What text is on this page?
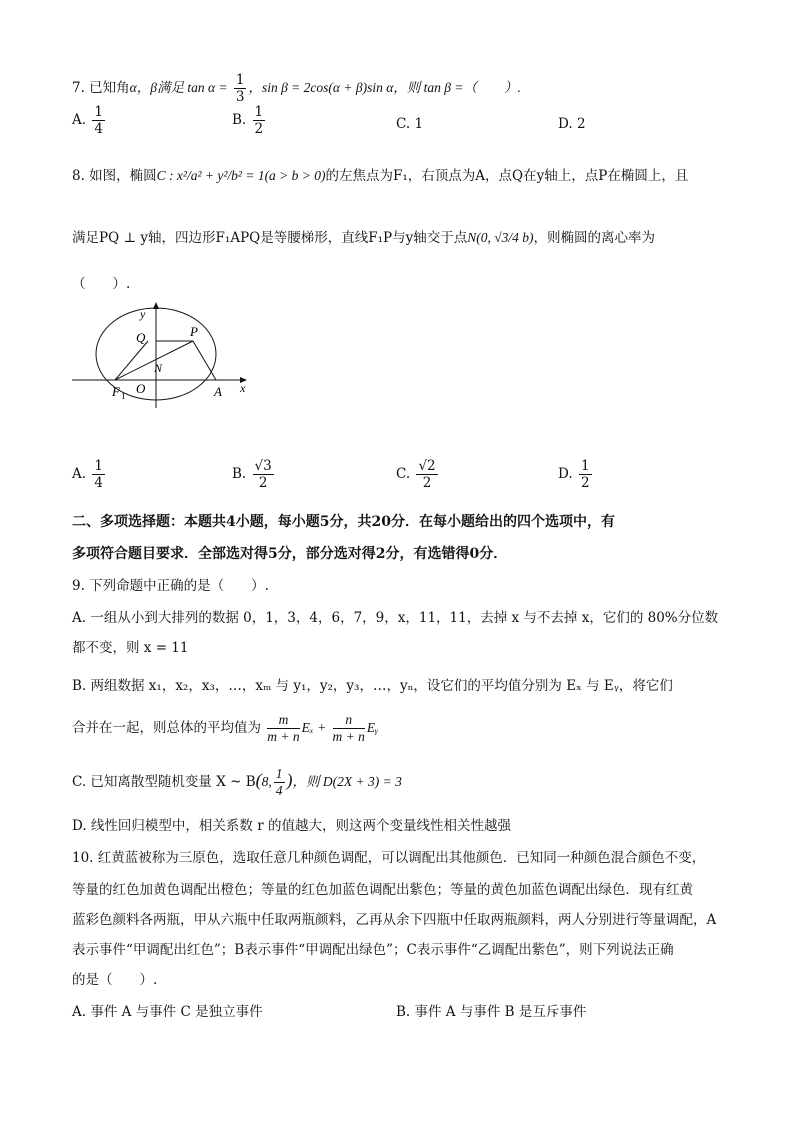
7. 已知角α，β满足 $\tan \alpha = \frac{1}{3}$ ，sin β = 2cos(α + β)sin α，则 tan β =（　　）.
A. $\frac{1}{4}$	B. $\frac{1}{2}$	C. 1	D. 2
8. 如图，椭圆C : x²/a² + y²/b² = 1(a > b > 0)的左焦点为F₁，右顶点为A，点Q在y轴上，点P在椭圆上，且
满足PQ ⊥ y轴，四边形F₁APQ是等腰梯形，直线F₁P与y轴交于点N(0, √3/4 b)，则椭圆的离心率为
（　　）.
y
x
Q	P
N
F 1 O	A
A. $\frac{1}{4}$	B. $\frac{√3}{2}$	C. $\frac{√2}{2}$	D. $\frac{1}{2}$
二、多项选择题：本题共4小题，每小题5分，共20分．在每小题给出的四个选项中，有
多项符合题目要求．全部选对得5分，部分选对得2分，有选错得0分．
9. 下列命题中正确的是（　　）.
A. 一组从小到大排列的数据 0，1，3，4，6，7，9，x，11，11，去掉 x 与不去掉 x，它们的 80%分位数
都不变，则 x = 11
B. 两组数据 x₁，x₂，x₃，…，xₘ 与 y₁，y₂，y₃，…，yₙ，设它们的平均值分别为 Eₓ 与 Eᵧ，将它们
合并在一起，则总体的平均值为 $\frac{m}{m + n}$ $E_x + \frac{n}{m + n}$ Eᵧ
C. 已知离散型随机变量 X ~ B(8, $\frac{1}{4}$ )，则 D(2X + 3) = 3
D. 线性回归模型中，相关系数 r 的值越大，则这两个变量线性相关性越强
10. 红黄蓝被称为三原色，选取任意几种颜色调配，可以调配出其他颜色．已知同一种颜色混合颜色不变，
等量的红色加黄色调配出橙色；等量的红色加蓝色调配出紫色；等量的黄色加蓝色调配出绿色．现有红黄
蓝彩色颜料各两瓶，甲从六瓶中任取两瓶颜料，乙再从余下四瓶中任取两瓶颜料，两人分别进行等量调配，A
表示事件“甲调配出红色”；B表示事件“甲调配出绿色”；C表示事件“乙调配出紫色”，则下列说法正确
的是（　　）.
A. 事件 A 与事件 C 是独立事件	B. 事件 A 与事件 B 是互斥事件
